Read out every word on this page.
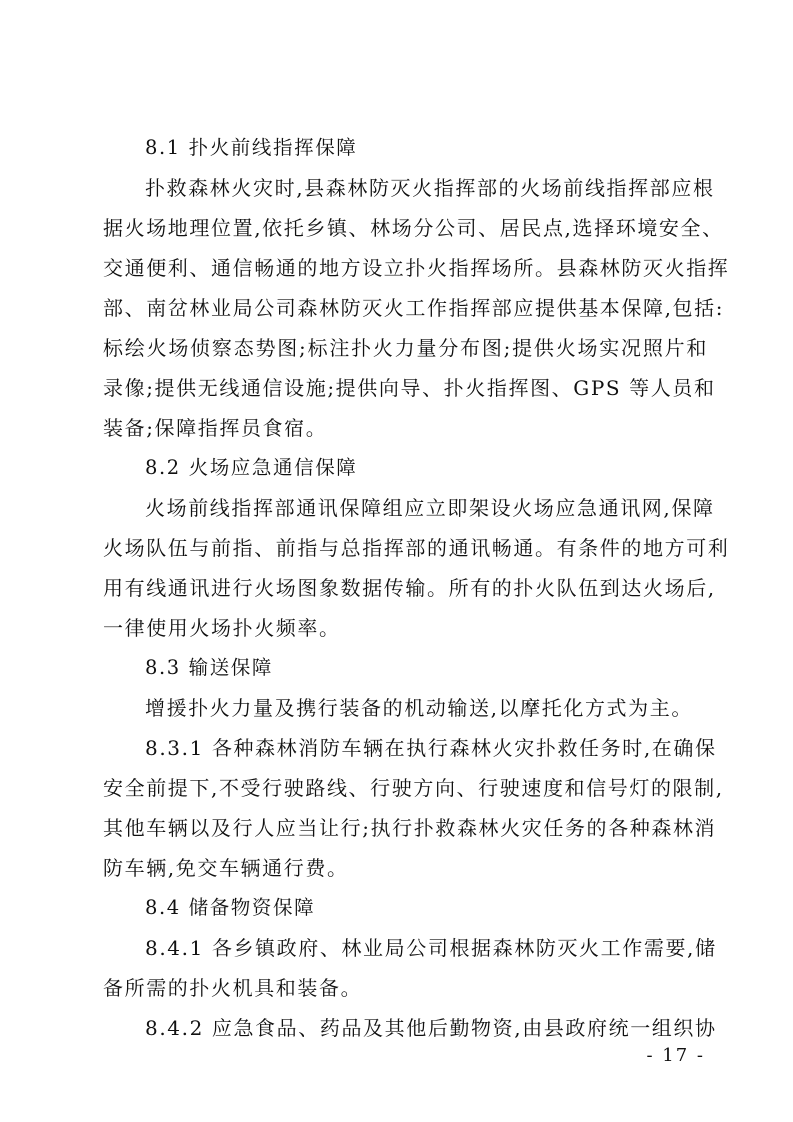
8.1 扑火前线指挥保障
扑救森林火灾时,县森林防灭火指挥部的火场前线指挥部应根
据火场地理位置,依托乡镇、林场分公司、居民点,选择环境安全、
交通便利、通信畅通的地方设立扑火指挥场所。县森林防灭火指挥
部、南岔林业局公司森林防灭火工作指挥部应提供基本保障,包括:
标绘火场侦察态势图;标注扑火力量分布图;提供火场实况照片和
录像;提供无线通信设施;提供向导、扑火指挥图、GPS 等人员和
装备;保障指挥员食宿。
8.2 火场应急通信保障
火场前线指挥部通讯保障组应立即架设火场应急通讯网,保障
火场队伍与前指、前指与总指挥部的通讯畅通。有条件的地方可利
用有线通讯进行火场图象数据传输。所有的扑火队伍到达火场后,
一律使用火场扑火频率。
8.3 输送保障
增援扑火力量及携行装备的机动输送,以摩托化方式为主。
8.3.1 各种森林消防车辆在执行森林火灾扑救任务时,在确保
安全前提下,不受行驶路线、行驶方向、行驶速度和信号灯的限制,
其他车辆以及行人应当让行;执行扑救森林火灾任务的各种森林消
防车辆,免交车辆通行费。
8.4 储备物资保障
8.4.1 各乡镇政府、林业局公司根据森林防灭火工作需要,储
备所需的扑火机具和装备。
8.4.2 应急食品、药品及其他后勤物资,由县政府统一组织协
- 17 -
